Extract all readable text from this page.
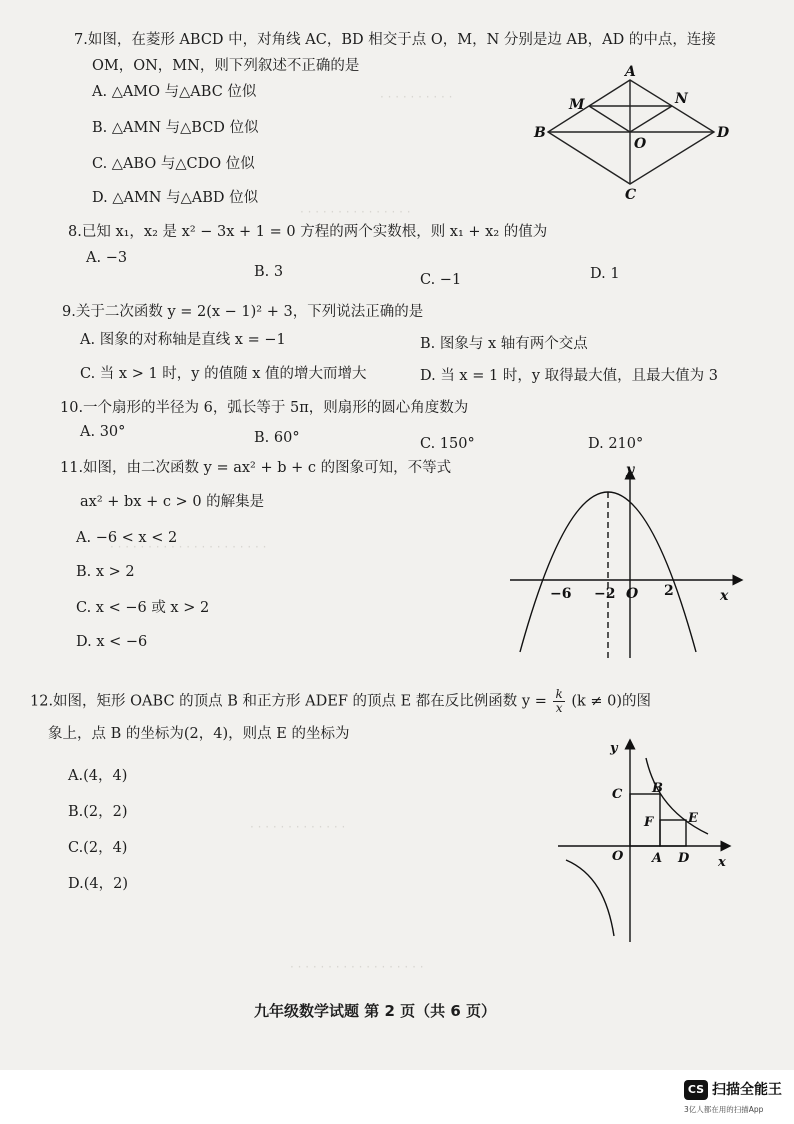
· · · · · · · · · ·
· · · · · · · · · · · · · · ·
· · · · · · · · · · · · · · · · · · · · ·
· · · · · · · · · · · · ·
· · · · · · · · · · · · · · · · · ·
7.如图，在菱形 ABCD 中，对角线 AC，BD 相交于点 O，M，N 分别是边 AB，AD 的中点，连接
OM，ON，MN，则下列叙述不正确的是
A. △AMO 与△ABC 位似
B. △AMN 与△BCD 位似
C. △ABO 与△CDO 位似
D. △AMN 与△ABD 位似
A
B
C
D
M	N
O
8.已知 x₁，x₂ 是 x² − 3x + 1 = 0 方程的两个实数根，则 x₁ + x₂ 的值为
A. −3
B. 3	C. −1	D. 1
9.关于二次函数 y = 2(x − 1)² + 3，下列说法正确的是
A. 图象的对称轴是直线 x = −1	B. 图象与 x 轴有两个交点
C. 当 x > 1 时，y 的值随 x 值的增大而增大	D. 当 x = 1 时，y 取得最大值，且最大值为 3
10.一个扇形的半径为 6，弧长等于 5π，则扇形的圆心角度数为
A. 30°	B. 60°	C. 150°	D. 210°
11.如图，由二次函数 y = ax² + b + c 的图象可知，不等式
ax² + bx + c > 0 的解集是
A. −6 < x < 2
B. x > 2
C. x < −6 或 x > 2
D. x < −6
y
x
−6 −2 O 2
12.如图，矩形 OABC 的顶点 B 和正方形 ADEF 的顶点 E 都在反比例函数 $y = \frac{k}{x} (k \ne 0)$的图
象上，点 B 的坐标为(2，4)，则点 E 的坐标为
A.(4，4)
B.(2，2)
C.(2，4)
D.(4，2)
y
x
B
C
E
F
O A D
九年级数学试题 第 2 页（共 6 页）
CS 扫描全能王
3亿人都在用的扫描App
